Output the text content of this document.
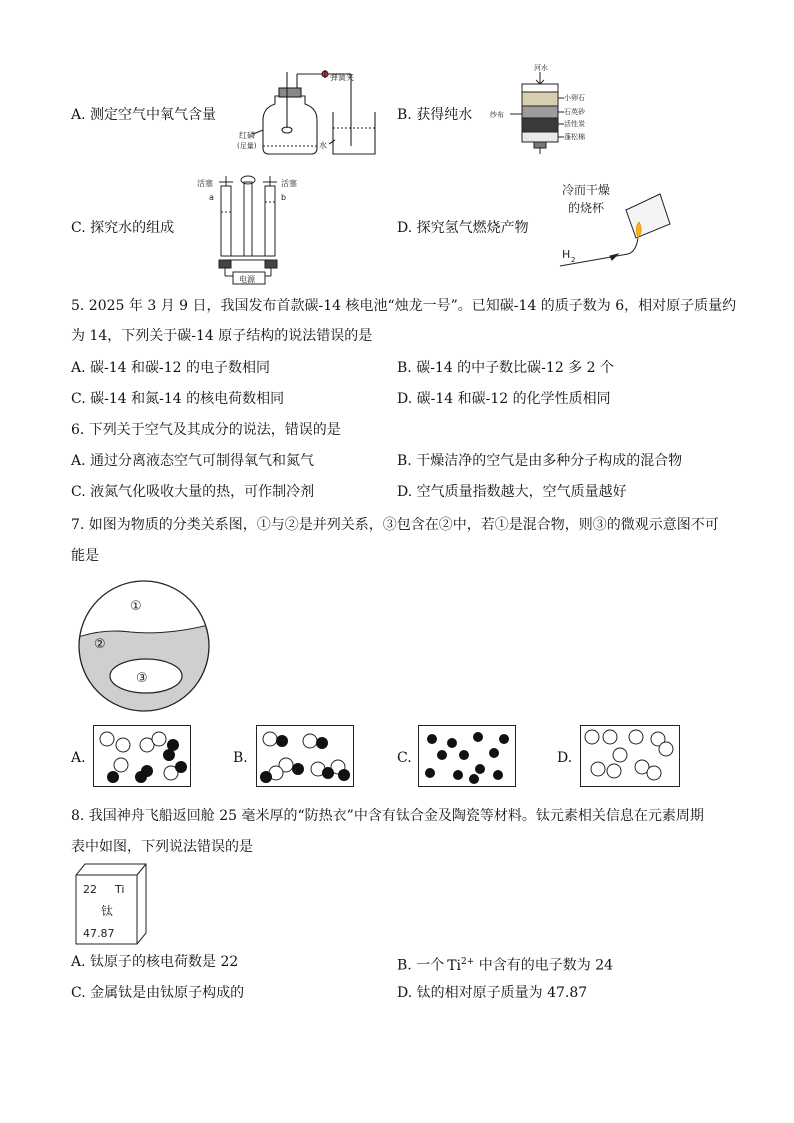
A. 测定空气中氧气含量
弹簧夹
红磷
(足量)	水
B. 获得纯水
河水
小卵石
石英砂
活性炭
蓬松棉
纱布
C. 探究水的组成
活塞	活塞
a	b
电源
D. 探究氢气燃烧产物
冷而干燥
的烧杯
H 2
5. 2025 年 3 月 9 日，我国发布首款碳-14 核电池“烛龙一号”。已知碳-14 的质子数为 6，相对原子质量约
为 14，下列关于碳-14 原子结构的说法错误的是
A. 碳-14 和碳-12 的电子数相同	B. 碳-14 的中子数比碳-12 多 2 个
C. 碳-14 和氮-14 的核电荷数相同	D. 碳-14 和碳-12 的化学性质相同
6. 下列关于空气及其成分的说法，错误的是
A. 通过分离液态空气可制得氧气和氮气	B. 干燥洁净的空气是由多种分子构成的混合物
C. 液氮气化吸收大量的热，可作制冷剂	D. 空气质量指数越大，空气质量越好
7. 如图为物质的分类关系图，①与②是并列关系，③包含在②中，若①是混合物，则③的微观示意图不可
能是
①
②
③
A.	B.	C.	D.
8. 我国神舟飞船返回舱 25 毫米厚的“防热衣”中含有钛合金及陶瓷等材料。钛元素相关信息在元素周期
表中如图，下列说法错误的是
22 Ti
钛
47.87
A. 钛原子的核电荷数是 22	B. 一个 $Ti^{2+}$ 中含有的电子数为 24
C. 金属钛是由钛原子构成的	D. 钛的相对原子质量为 47.87
